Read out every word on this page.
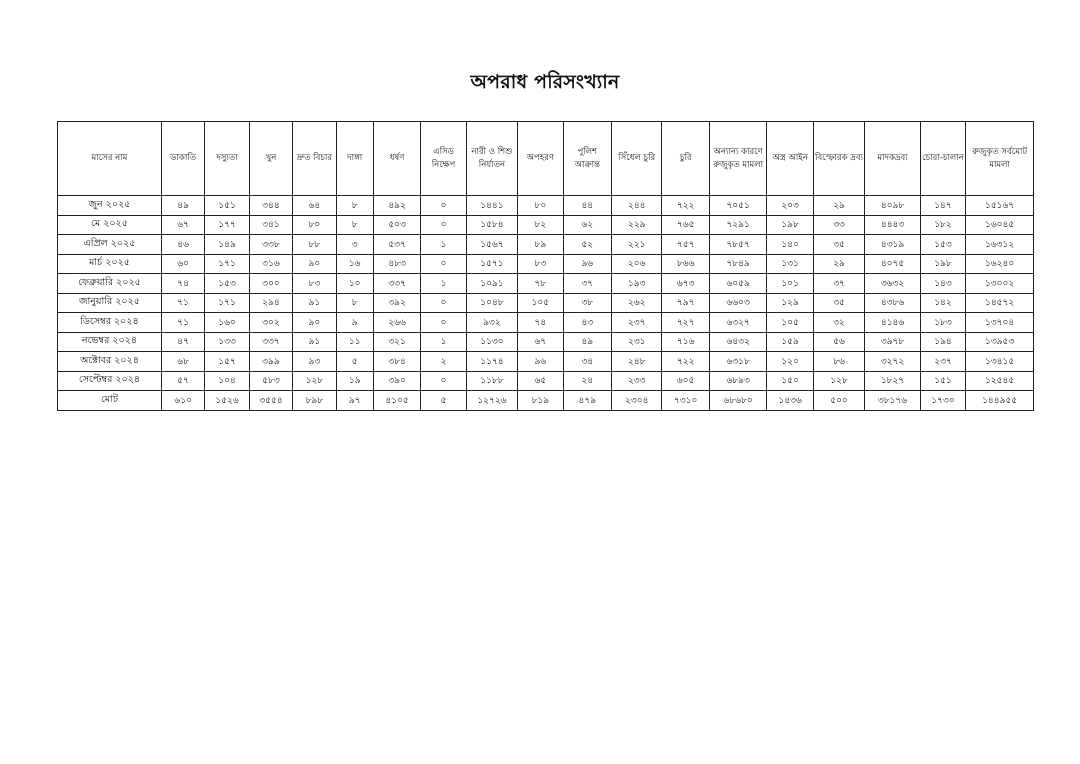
অপরাধ পরিসংখ্যান
মাসের নাম	ডাকাতি	দস্যুতা	খুন	দ্রুত বিচার	দাঙ্গা	ধর্ষণ	এসিড নিক্ষেপ	নারী ও শিশু নির্যাতন	অপহরণ	পুলিশ আক্রান্ত	সিঁধেল চুরি	চুরি	অন্যান্য কারণে রুজুকৃত মামলা	অস্ত্র আইন	বিস্ফোরক দ্রব্য	মাদকদ্রব্য	চোরা-চালান	রুজুকৃত সর্বমোট মামলা
জুন ২০২৫	৪৯	১৫১	৩৪৪	৬৪	৮	৪৯২	০	১৪৪১	৮০	৪৪	২৪৪	৭২২	৭০৫১	২০৩	২৯	৪০৯৮	১৪৭	১৫১৬৭
মে ২০২৫	৬৭	১৭৭	৩৪১	৮০	৮	৫০৩	০	১৫৮৪	৮২	৬২	২২৯	৭৬৫	৭২৯১	১৯৮	৩৩	৪৪৪৩	১৮২	১৬০৪৫
এপ্রিল ২০২৫	৪৬	১৪৯	৩৩৮	৮৮	৩	৫৩৭	১	১৫৬৭	৮৯	৫২	২২১	৭৫৭	৭৮৫৭	১৪০	৩৫	৪৩১৯	১৫৩	১৬৩১২
মার্চ ২০২৫	৬০	১৭১	৩১৬	৯০	১৬	৪৮৩	০	১৫৭১	৮৩	৯৬	২০৬	৮৬৬	৭৮৪৯	১৩১	২৯	৪০৭৫	১৯৮	১৬২৪০
ফেব্রুয়ারি ২০২৫	৭৪	১৫৩	৩০০	৮৩	১০	৩৩৭	১	১০৯১	৭৮	৩৭	১৯৩	৬৭৩	৬০৫৯	১০১	৩৭	৩৬৩২	১৪৩	১৩০০২
জানুয়ারি ২০২৫	৭১	১৭১	২৯৪	৯১	৮	৩৯২	০	১০৪৮	১০৫	৩৮	২৬২	৭৯৭	৬৬০৩	১২৯	৩৫	৪৩৮৬	১৪২	১৪৫৭২
ডিসেম্বর ২০২৪	৭১	১৬০	৩০২	৯০	৯	২৬৬	০	৯৩২	৭৪	৪৩	২৩৭	৭২৭	৬৩২৭	১০৫	৩২	৪১৪৬	১৮৩	১৩৭০৪
নভেম্বর ২০২৪	৪৭	১৩৩	৩৩৭	৯১	১১	৩২১	১	১১৩০	৬৭	৪৯	২৩১	৭১৬	৬৪৩২	১৫৯	৫৬	৩৯৭৮	১৯৪	১৩৯৫৩
অক্টোবর ২০২৪	৬৮	১৫৭	৩৯৯	৯৩	৫	৩৮৪	২	১১৭৪	৯৬	৩৪	২৪৮	৭২২	৬৩১৮	১২০	৮৬	৩২৭২	২৩৭	১৩৪১৫
সেপ্টেম্বর ২০২৪	৫৭	১০৪	৫৮৩	১২৮	১৯	৩৯০	০	১১৮৮	৬৫	২৪	২৩৩	৬০৫	৬৮৯৩	১৫০	১২৮	১৮২৭	১৫১	১২৫৪৫
মোট	৬১০	১৫২৬	৩৫৫৪	৮৯৮	৯৭	৪১০৫	৫	১২৭২৬	৮১৯	৪৭৯	২৩০৪	৭৩১০	৬৮৬৮০	১৪৩৬	৫০০	৩৮১৭৬	১৭৩০	১৪৪৯৫৫
